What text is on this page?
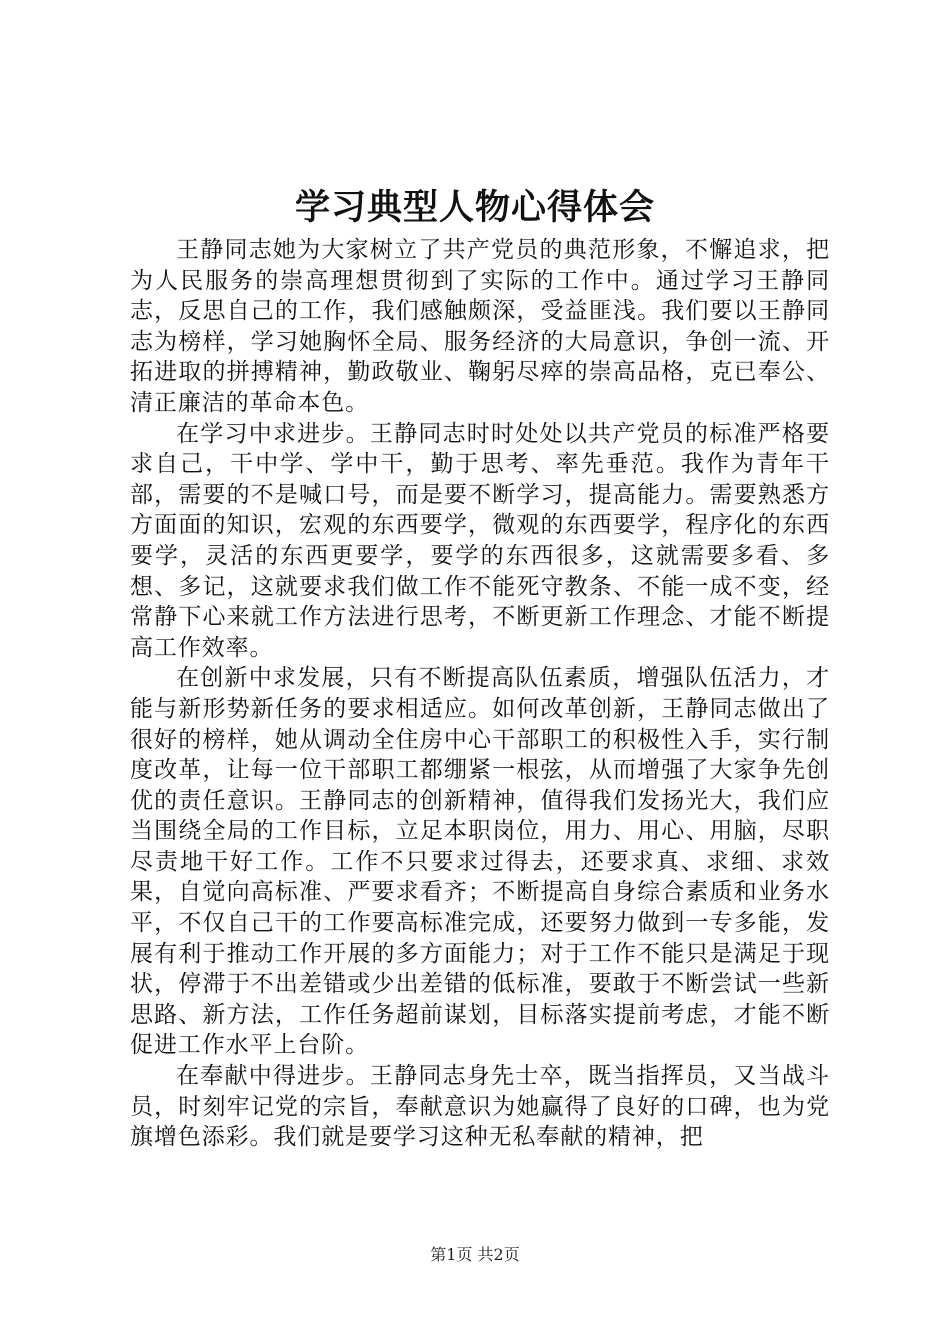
学习典型人物心得体会

王静同志她为大家树立了共产党员的典范形象，不懈追求，把为人民服务的崇高理想贯彻到了实际的工作中。通过学习王静同志，反思自己的工作，我们感触颇深，受益匪浅。我们要以王静同志为榜样，学习她胸怀全局、服务经济的大局意识，争创一流、开拓进取的拼搏精神，勤政敬业、鞠躬尽瘁的崇高品格，克已奉公、清正廉洁的革命本色。

在学习中求进步。王静同志时时处处以共产党员的标准严格要求自己，干中学、学中干，勤于思考、率先垂范。我作为青年干部，需要的不是喊口号，而是要不断学习，提高能力。需要熟悉方方面面的知识，宏观的东西要学，微观的东西要学，程序化的东西要学，灵活的东西更要学，要学的东西很多，这就需要多看、多想、多记，这就要求我们做工作不能死守教条、不能一成不变，经常静下心来就工作方法进行思考，不断更新工作理念、才能不断提高工作效率。

在创新中求发展，只有不断提高队伍素质，增强队伍活力，才能与新形势新任务的要求相适应。如何改革创新，王静同志做出了很好的榜样，她从调动全住房中心干部职工的积极性入手，实行制度改革，让每一位干部职工都绷紧一根弦，从而增强了大家争先创优的责任意识。王静同志的创新精神，值得我们发扬光大，我们应当围绕全局的工作目标，立足本职岗位，用力、用心、用脑，尽职尽责地干好工作。工作不只要求过得去，还要求真、求细、求效果，自觉向高标准、严要求看齐；不断提高自身综合素质和业务水平，不仅自己干的工作要高标准完成，还要努力做到一专多能，发展有利于推动工作开展的多方面能力；对于工作不能只是满足于现状，停滞于不出差错或少出差错的低标准，要敢于不断尝试一些新思路、新方法，工作任务超前谋划，目标落实提前考虑，才能不断促进工作水平上台阶。

在奉献中得进步。王静同志身先士卒，既当指挥员，又当战斗员，时刻牢记党的宗旨，奉献意识为她赢得了良好的口碑，也为党旗增色添彩。我们就是要学习这种无私奉献的精神，把

第1页 共2页
